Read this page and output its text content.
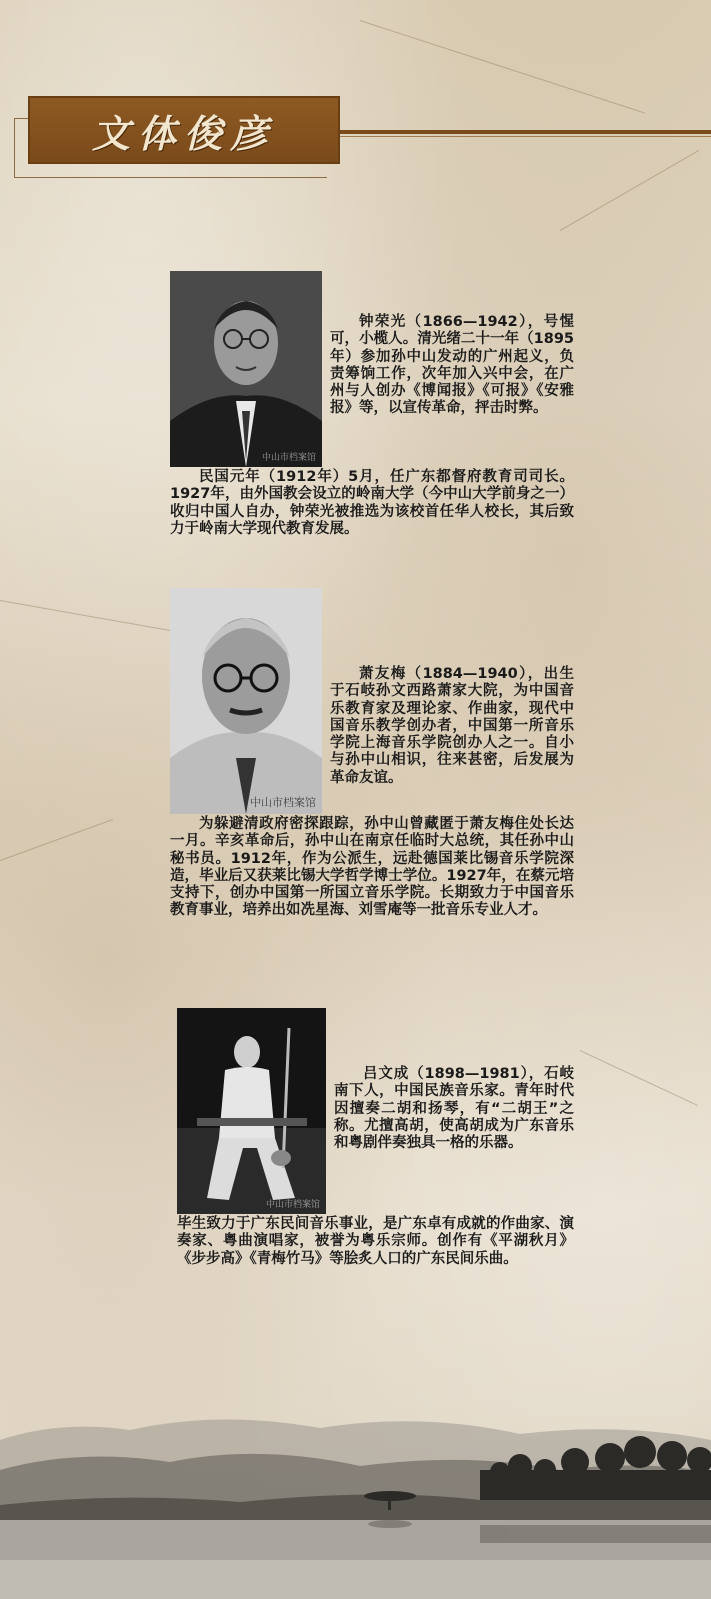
文体俊彦
中山市档案馆

钟荣光（1866—1942），号惺可，小榄人。清光绪二十一年（1895年）参加孙中山发动的广州起义，负责筹饷工作，次年加入兴中会，在广州与人创办《博闻报》《可报》《安雅报》等，以宣传革命，抨击时弊。

民国元年（1912年）5月，任广东都督府教育司司长。1927年，由外国教会设立的岭南大学（今中山大学前身之一）收归中国人自办，钟荣光被推选为该校首任华人校长，其后致力于岭南大学现代教育发展。

中山市档案馆

萧友梅（1884—1940），出生于石岐孙文西路萧家大院，为中国音乐教育家及理论家、作曲家，现代中国音乐教学创办者，中国第一所音乐学院上海音乐学院创办人之一。自小与孙中山相识，往来甚密，后发展为革命友谊。

为躲避清政府密探跟踪，孙中山曾藏匿于萧友梅住处长达一月。辛亥革命后，孙中山在南京任临时大总统，其任孙中山秘书员。1912年，作为公派生，远赴德国莱比锡音乐学院深造，毕业后又获莱比锡大学哲学博士学位。1927年，在蔡元培支持下，创办中国第一所国立音乐学院。长期致力于中国音乐教育事业，培养出如冼星海、刘雪庵等一批音乐专业人才。

中山市档案馆

吕文成（1898—1981），石岐南下人，中国民族音乐家。青年时代因擅奏二胡和扬琴，有“二胡王”之称。尤擅高胡，使高胡成为广东音乐和粤剧伴奏独具一格的乐器。

毕生致力于广东民间音乐事业，是广东卓有成就的作曲家、演奏家、粤曲演唱家，被誉为粤乐宗师。创作有《平湖秋月》《步步高》《青梅竹马》等脍炙人口的广东民间乐曲。
